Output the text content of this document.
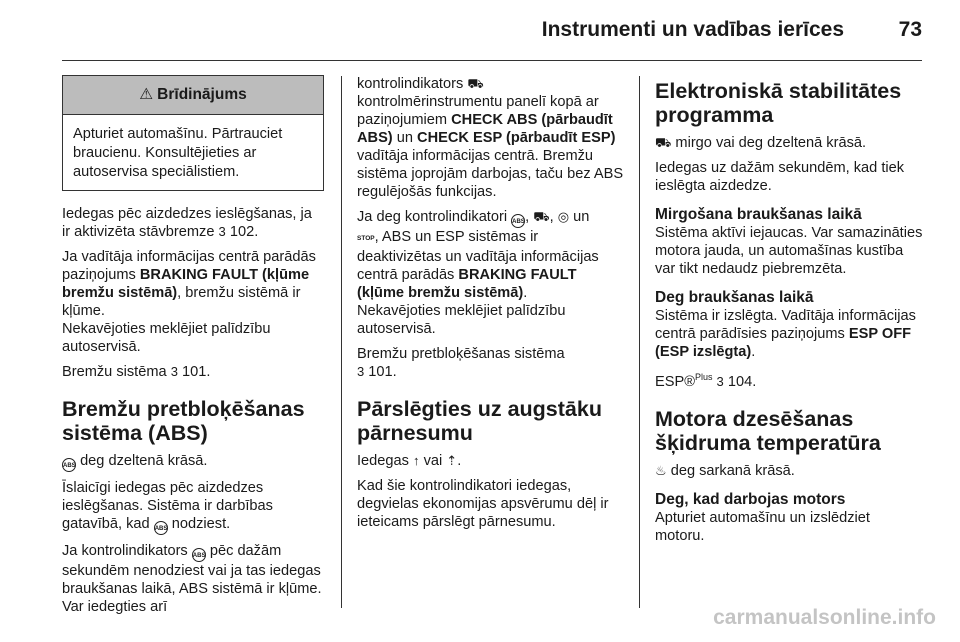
Instrumenti un vadības ierīces	73
⚠ Brīdinājums
Apturiet automašīnu. Pārtrauciet braucienu. Konsultējieties ar autoservisa speciālistiem.

Iedegas pēc aizdedzes ieslēgšanas, ja ir aktivizēta stāvbremze 3 102.

Ja vadītāja informācijas centrā parādās paziņojums BRAKING FAULT (kļūme bremžu sistēmā), bremžu sistēmā ir kļūme.
Nekavējoties meklējiet palīdzību autoservisā.

Bremžu sistēma 3 101.

Bremžu pretbloķēšanas sistēma (ABS)

ABS deg dzeltenā krāsā.

Īslaicīgi iedegas pēc aizdedzes ieslēgšanas. Sistēma ir darbības gatavībā, kad ABS nodziest.

Ja kontrolindikators ABS pēc dažām sekundēm nenodziest vai ja tas iedegas braukšanas laikā, ABS sistēmā ir kļūme. Var iedegties arī

kontrolindikators ⛟
kontrolmērinstrumentu panelī kopā ar paziņojumiem CHECK ABS (pārbaudīt ABS) un CHECK ESP (pārbaudīt ESP) vadītāja informācijas centrā. Bremžu sistēma joprojām darbojas, taču bez ABS regulējošās funkcijas.

Ja deg kontrolindikatori ABS, ⛟, ◎ un
STOP, ABS un ESP sistēmas ir deaktivizētas un vadītāja informācijas centrā parādās BRAKING FAULT (kļūme bremžu sistēmā).
Nekavējoties meklējiet palīdzību autoservisā.

Bremžu pretbloķēšanas sistēma
3 101.

Pārslēgties uz augstāku pārnesumu

Iedegas ↑ vai ⇡.

Kad šie kontrolindikatori iedegas, degvielas ekonomijas apsvērumu dēļ ir ieteicams pārslēgt pārnesumu.

Elektroniskā stabilitātes programma

⛟ mirgo vai deg dzeltenā krāsā.

Iedegas uz dažām sekundēm, kad tiek ieslēgta aizdedze.

Mirgošana braukšanas laikā

Sistēma aktīvi iejaucas. Var samazināties motora jauda, un automašīnas kustība var tikt nedaudz piebremzēta.

Deg braukšanas laikā

Sistēma ir izslēgta. Vadītāja informācijas centrā parādīsies paziņojums ESP OFF (ESP izslēgta).

ESP®$^{Plus}$ 3 104.

Motora dzesēšanas šķidruma temperatūra

♨ deg sarkanā krāsā.

Deg, kad darbojas motors

Apturiet automašīnu un izslēdziet motoru.

carmanualsonline.info
